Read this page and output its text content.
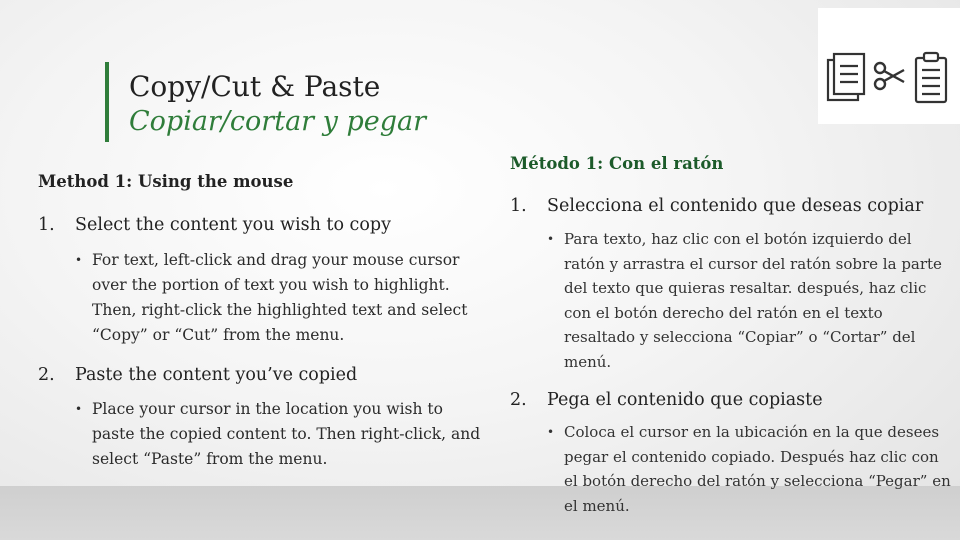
Copy/Cut & Paste
Copiar/cortar y pegar
Method 1: Using the mouse
1. Select the content you wish to copy
• For text, left-click and drag your mouse cursor over the portion of text you wish to highlight. Then, right-click the highlighted text and select “Copy” or “Cut” from the menu.
2. Paste the content you’ve copied
• Place your cursor in the location you wish to paste the copied content to. Then right-click, and select “Paste” from the menu.
Método 1: Con el ratón
1. Selecciona el contenido que deseas copiar
• Para texto, haz clic con el botón izquierdo del ratón y arrastra el cursor del ratón sobre la parte del texto que quieras resaltar. después, haz clic con el botón derecho del ratón en el texto resaltado y selecciona “Copiar” o “Cortar” del menú.
2. Pega el contenido que copiaste
• Coloca el cursor en la ubicación en la que desees pegar el contenido copiado. Después haz clic con el botón derecho del ratón y selecciona “Pegar” en el menú.
